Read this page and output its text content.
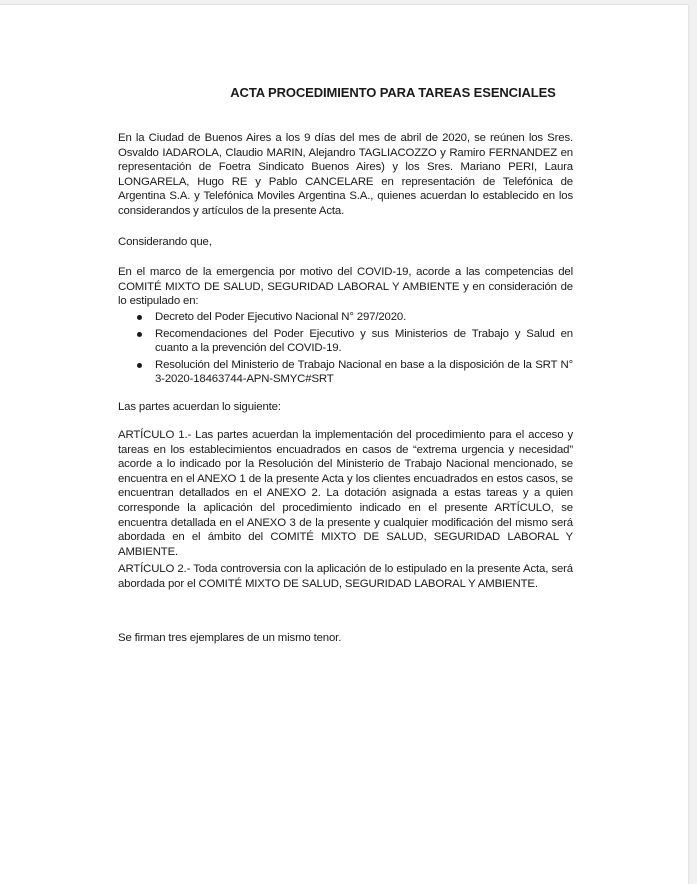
ACTA PROCEDIMIENTO PARA TAREAS ESENCIALES

En la Ciudad de Buenos Aires a los 9 días del mes de abril de 2020, se reúnen los Sres. Osvaldo IADAROLA, Claudio MARIN, Alejandro TAGLIACOZZO y Ramiro FERNANDEZ en representación de Foetra Sindicato Buenos Aires) y los Sres. Mariano PERI, Laura LONGARELA, Hugo RE y Pablo CANCELARE en representación de Telefónica de Argentina S.A. y Telefónica Moviles Argentina S.A., quienes acuerdan lo establecido en los considerandos y artículos de la presente Acta.

Considerando que,

En el marco de la emergencia por motivo del COVID-19, acorde a las competencias del COMITÉ MIXTO DE SALUD, SEGURIDAD LABORAL Y AMBIENTE y en consideración de lo estipulado en:

Decreto del Poder Ejecutivo Nacional N° 297/2020.
Recomendaciones del Poder Ejecutivo y sus Ministerios de Trabajo y Salud en cuanto a la prevención del COVID-19.
Resolución del Ministerio de Trabajo Nacional en base a la disposición de la SRT N° 3-2020-18463744-APN-SMYC#SRT

Las partes acuerdan lo siguiente:

ARTÍCULO 1.- Las partes acuerdan la implementación del procedimiento para el acceso y tareas en los establecimientos encuadrados en casos de “extrema urgencia y necesidad” acorde a lo indicado por la Resolución del Ministerio de Trabajo Nacional mencionado, se encuentra en el ANEXO 1 de la presente Acta y los clientes encuadrados en estos casos, se encuentran detallados en el ANEXO 2. La dotación asignada a estas tareas y a quien corresponde la aplicación del procedimiento indicado en el presente ARTÍCULO, se encuentra detallada en el ANEXO 3 de la presente y cualquier modificación del mismo será abordada en el ámbito del COMITÉ MIXTO DE SALUD, SEGURIDAD LABORAL Y AMBIENTE.

ARTÍCULO 2.- Toda controversia con la aplicación de lo estipulado en la presente Acta, será abordada por el COMITÉ MIXTO DE SALUD, SEGURIDAD LABORAL Y AMBIENTE.

Se firman tres ejemplares de un mismo tenor.
